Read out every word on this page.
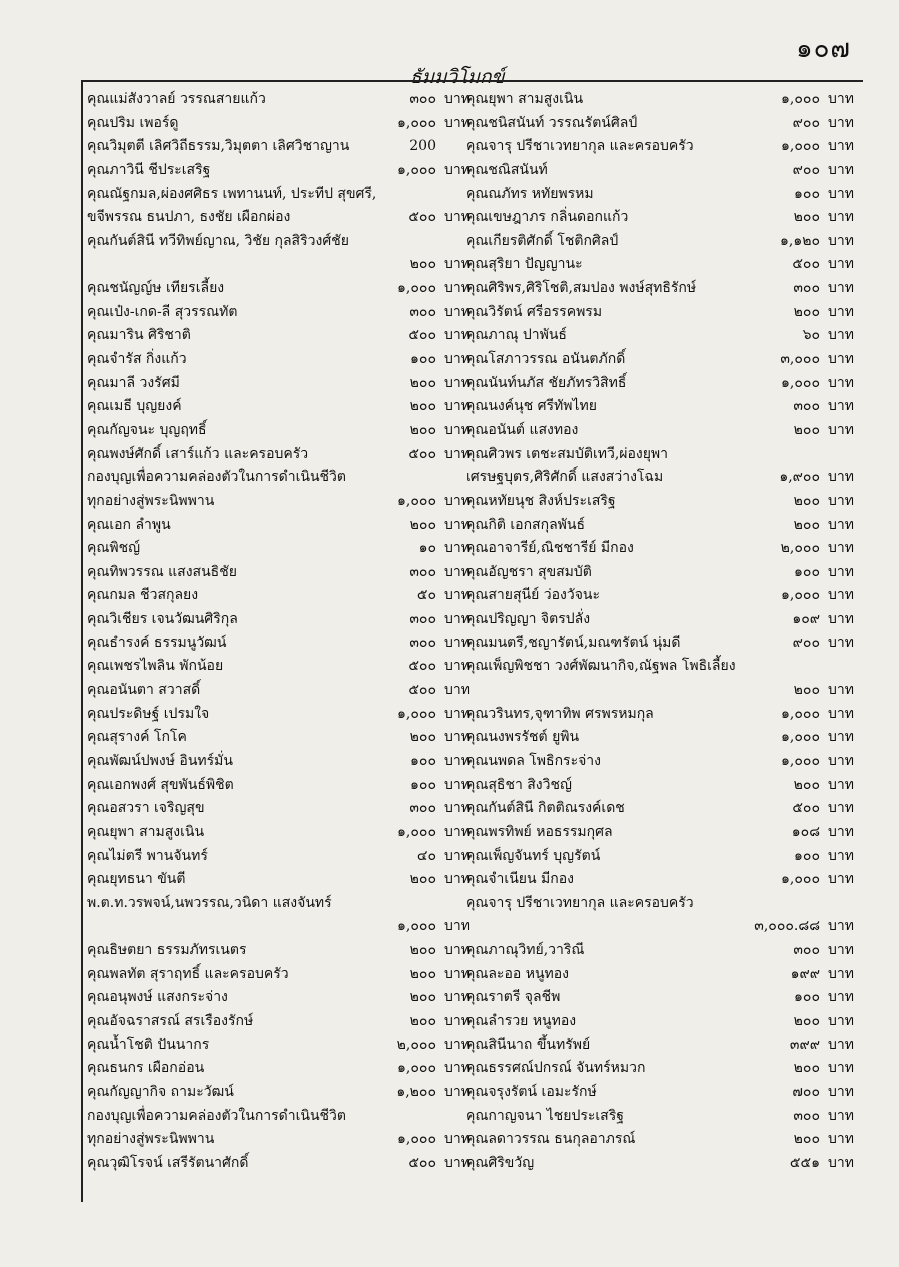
๑๐๗
ธัมมวิโมกข์
คุณแม่สังวาลย์ วรรณสายแก้ว	๓๐๐ บาท
คุณปริม เพอร์ดู	๑,๐๐๐ บาท
คุณวิมุตตี เลิศวิถีธรรม,วิมุตตา เลิศวิชาญาน	200
คุณภาวินี ชีประเสริฐ	๑,๐๐๐ บาท
คุณณัฐกมล,ผ่องศศิธร เพทานนท์, ประทีป สุขศรี,
ขจีพรรณ ธนปภา, ธงชัย เผือกผ่อง	๕๐๐ บาท
คุณกันต์สินี ทวีทิพย์ญาณ, วิชัย กุลสิริวงศ์ชัย
๒๐๐ บาท
คุณชนัญญ์ษ เทียรเลี้ยง	๑,๐๐๐ บาท
คุณเป๋ง-เกด-ลี สุวรรณทัต	๓๐๐ บาท
คุณมาริน ศิริชาติ	๕๐๐ บาท
คุณจำรัส กิ่งแก้ว	๑๐๐ บาท
คุณมาลี วงรัศมี	๒๐๐ บาท
คุณเมธี บุญยงค์	๒๐๐ บาท
คุณกัญจนะ บุญฤทธิ์	๒๐๐ บาท
คุณพงษ์ศักดิ์ เสาร์แก้ว และครอบครัว	๕๐๐ บาท
กองบุญเพื่อความคล่องตัวในการดำเนินชีวิต
ทุกอย่างสู่พระนิพพาน	๑,๐๐๐ บาท
คุณเอก ลำพูน	๒๐๐ บาท
คุณพิชญ์	๑๐ บาท
คุณทิพวรรณ แสงสนธิชัย	๓๐๐ บาท
คุณกมล ชีวสกุลยง	๕๐ บาท
คุณวิเชียร เจนวัฒนศิริกุล	๓๐๐ บาท
คุณธำรงค์ ธรรมนูวัฒน์	๓๐๐ บาท
คุณเพชรไพลิน พักน้อย	๕๐๐ บาท
คุณอนันตา สวาสดิ์	๕๐๐ บาท
คุณประดิษฐ์ เปรมใจ	๑,๐๐๐ บาท
คุณสุรางค์ โกโค	๒๐๐ บาท
คุณพัฒน์ปพงษ์ อินทร์มั่น	๑๐๐ บาท
คุณเอกพงศ์ สุขพันธ์พิชิต	๑๐๐ บาท
คุณอสวรา เจริญสุข	๓๐๐ บาท
คุณยุพา สามสูงเนิน	๑,๐๐๐ บาท
คุณไม่ตรี พานจันทร์	๔๐ บาท
คุณยุทธนา ขันตี	๒๐๐ บาท
พ.ต.ท.วรพจน์,นพวรรณ,วนิดา แสงจันทร์
๑,๐๐๐ บาท
คุณธิษตยา ธรรมภัทรเนตร	๒๐๐ บาท
คุณพลทัต สุราฤทธิ์ และครอบครัว	๒๐๐ บาท
คุณอนุพงษ์ แสงกระจ่าง	๒๐๐ บาท
คุณอัจฉราสรณ์ สรเรืองรักษ์	๒๐๐ บาท
คุณน้ำโชติ ปันนากร	๒,๐๐๐ บาท
คุณธนกร เผือกอ่อน	๑,๐๐๐ บาท
คุณกัญญากิจ ถามะวัฒน์	๑,๒๐๐ บาท
กองบุญเพื่อความคล่องตัวในการดำเนินชีวิต
ทุกอย่างสู่พระนิพพาน	๑,๐๐๐ บาท
คุณวุฒิโรจน์ เสรีรัตนาศักดิ์	๕๐๐ บาท
คุณยุพา สามสูงเนิน	๑,๐๐๐ บาท
คุณชนิสนันท์ วรรณรัตน์ศิลป์	๙๐๐ บาท
คุณจารุ ปรีชาเวทยากุล และครอบครัว	๑,๐๐๐ บาท
คุณชณิสนันท์	๙๐๐ บาท
คุณณภัทร หทัยพรหม	๑๐๐ บาท
คุณเขษฎาภร กลิ่นดอกแก้ว	๒๐๐ บาท
คุณเกียรติศักดิ์ โชติกศิลป์	๑,๑๒๐ บาท
คุณสุริยา ปัญญานะ	๕๐๐ บาท
คุณศิริพร,ศิริโชติ,สมปอง พงษ์สุทธิรักษ์	๓๐๐ บาท
คุณวิรัตน์ ศรีอรรคพรม	๒๐๐ บาท
คุณภาณุ ปาพันธ์	๖๐ บาท
คุณโสภาวรรณ อนันตภักดิ์	๓,๐๐๐ บาท
คุณนันท์นภัส ชัยภัทรวิสิทธิ์	๑,๐๐๐ บาท
คุณนงค์นุช ศรีทัพไทย	๓๐๐ บาท
คุณอนันต์ แสงทอง	๒๐๐ บาท
คุณศิวพร เตชะสมบัติเทวี,ผ่องยุพา
เศรษฐบุตร,ศิริศักดิ์ แสงสว่างโฉม	๑,๙๐๐ บาท
คุณหทัยนุช สิงห์ประเสริฐ	๒๐๐ บาท
คุณกิติ เอกสกุลพันธ์	๒๐๐ บาท
คุณอาจารีย์,ณิชชารีย์ มีกอง	๒,๐๐๐ บาท
คุณอัญชรา สุขสมบัติ	๑๐๐ บาท
คุณสายสุนีย์ ว่องวัจนะ	๑,๐๐๐ บาท
คุณปริญญา จิตรปลั่ง	๑๐๙ บาท
คุณมนตรี,ชญารัตน์,มณฑรัตน์ นุ่มดี	๙๐๐ บาท
คุณเพ็ญพิชชา วงศ์พัฒนากิจ,ณัฐพล โพธิเลี้ยง
๒๐๐ บาท
คุณวรินทร,จุฑาทิพ ศรพรหมกุล	๑,๐๐๐ บาท
คุณนงพรรัชต์ ยูพิน	๑,๐๐๐ บาท
คุณนพดล โพธิกระจ่าง	๑,๐๐๐ บาท
คุณสุธิชา สิงวิชญ์	๒๐๐ บาท
คุณกันต์สินี กิตติณรงค์เดช	๕๐๐ บาท
คุณพรทิพย์ หอธรรมกุศล	๑๐๘ บาท
คุณเพ็ญจันทร์ บุญรัตน์	๑๐๐ บาท
คุณจำเนียน มีกอง	๑,๐๐๐ บาท
คุณจารุ ปรีชาเวทยากุล และครอบครัว
๓,๐๐๐.๘๘ บาท
คุณภาณุวิทย์,วาริณี	๓๐๐ บาท
คุณละออ หนูทอง	๑๙๙ บาท
คุณราตรี จุลชีพ	๑๐๐ บาท
คุณลำรวย หนูทอง	๒๐๐ บาท
คุณสินีนาถ ขึ้นทรัพย์	๓๙๙ บาท
คุณธรรศณ์ปกรณ์ จันทร์หมวก	๒๐๐ บาท
คุณจรุงรัตน์ เอมะรักษ์	๗๐๐ บาท
คุณกาญจนา ไชยประเสริฐ	๓๐๐ บาท
คุณลดาวรรณ ธนกุลอาภรณ์	๒๐๐ บาท
คุณศิริขวัญ	๕๕๑ บาท
